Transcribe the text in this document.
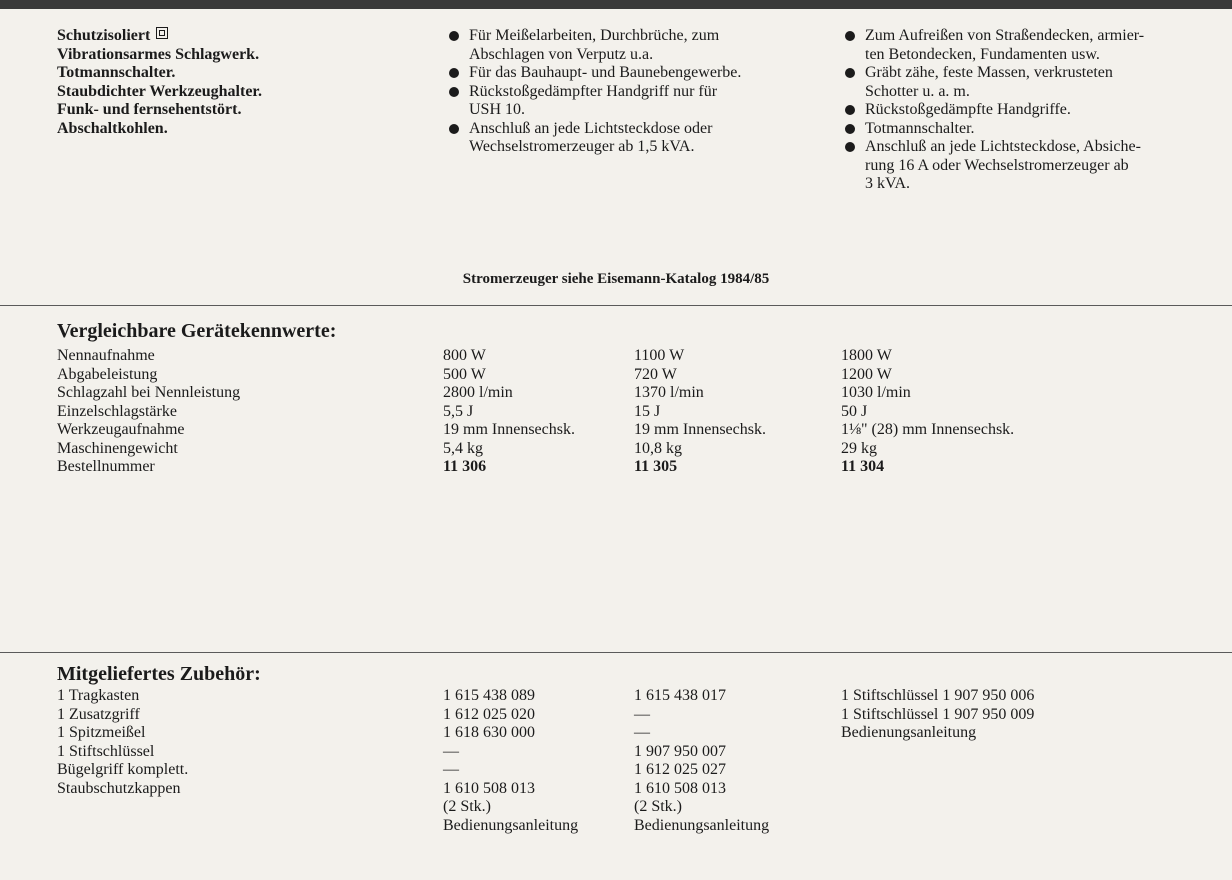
Schutzisoliert
Vibrationsarmes Schlagwerk.
Totmannschalter.
Staubdichter Werkzeughalter.
Funk- und fernsehentstört.
Abschaltkohlen.
Für Meißelarbeiten, Durchbrüche, zum
Abschlagen von Verputz u.a.
Für das Bauhaupt- und Baunebengewerbe.
Rückstoßgedämpfter Handgriff nur für
USH 10.
Anschluß an jede Lichtsteckdose oder
Wechselstromerzeuger ab 1,5 kVA.
Zum Aufreißen von Straßendecken, armier-
ten Betondecken, Fundamenten usw.
Gräbt zähe, feste Massen, verkrusteten
Schotter u. a. m.
Rückstoßgedämpfte Handgriffe.
Totmannschalter.
Anschluß an jede Lichtsteckdose, Absiche-
rung 16 A oder Wechselstromerzeuger ab
3 kVA.
Stromerzeuger siehe Eisemann-Katalog 1984/85
Vergleichbare Gerätekennwerte:
Nennaufnahme
Abgabeleistung
Schlagzahl bei Nennleistung
Einzelschlagstärke
Werkzeugaufnahme
Maschinengewicht
Bestellnummer
800 W
500 W
2800 l/min
5,5 J
19 mm Innensechsk.
5,4 kg
11 306
1100 W
720 W
1370 l/min
15 J
19 mm Innensechsk.
10,8 kg
11 305
1800 W
1200 W
1030 l/min
50 J
1⅛" (28) mm Innensechsk.
29 kg
11 304
Mitgeliefertes Zubehör:
1 Tragkasten
1 Zusatzgriff
1 Spitzmeißel
1 Stiftschlüssel
Bügelgriff komplett.
Staubschutzkappen
1 615 438 089
1 612 025 020
1 618 630 000
—
—
1 610 508 013
(2 Stk.)
Bedienungsanleitung
1 615 438 017
—
—
1 907 950 007
1 612 025 027
1 610 508 013
(2 Stk.)
Bedienungsanleitung
1 Stiftschlüssel 1 907 950 006
1 Stiftschlüssel 1 907 950 009
Bedienungsanleitung
